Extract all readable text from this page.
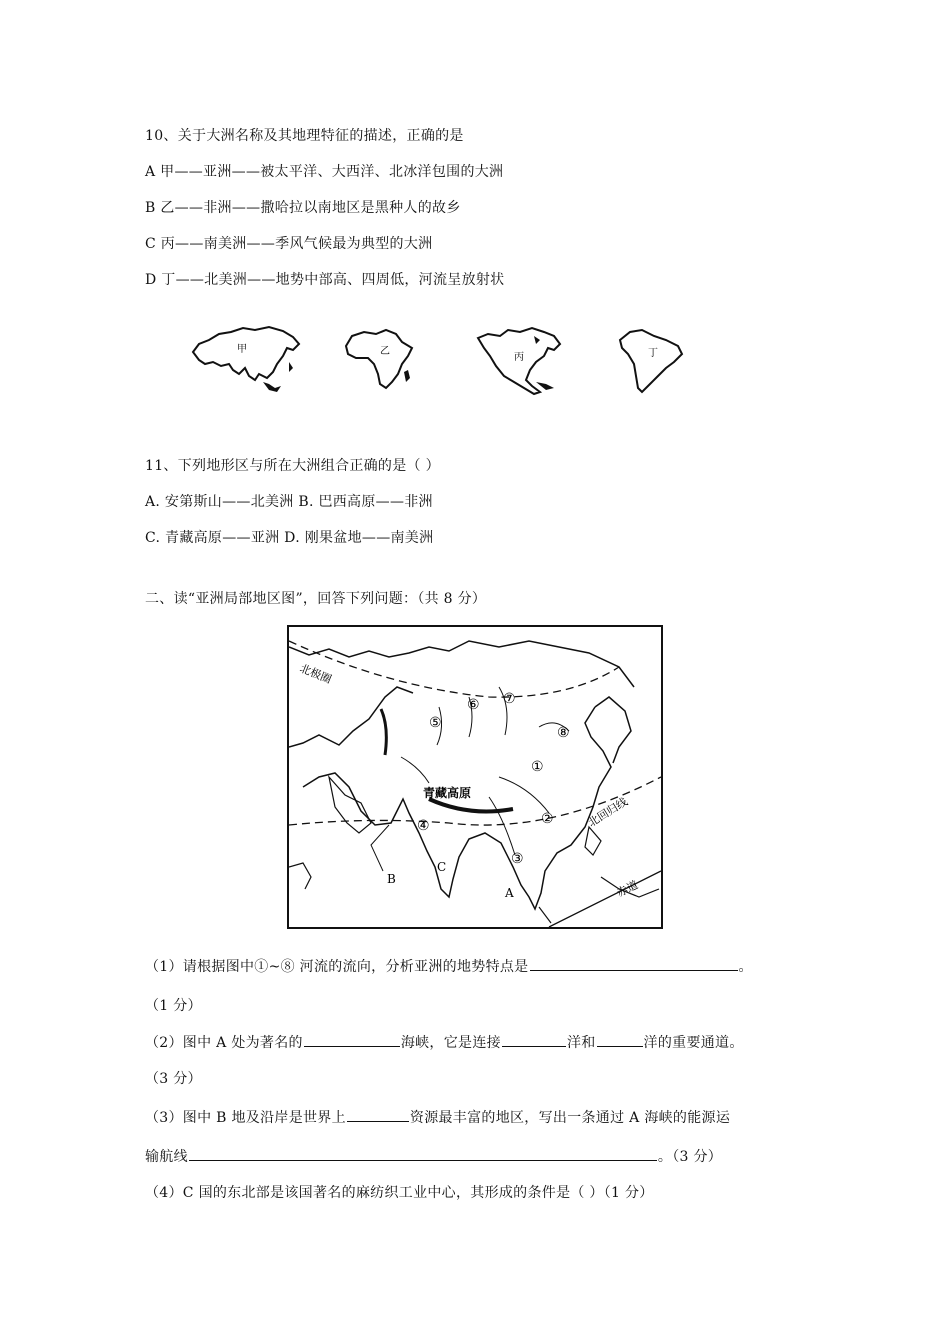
10、关于大洲名称及其地理特征的描述，正确的是
A 甲——亚洲——被太平洋、大西洋、北冰洋包围的大洲
B 乙——非洲——撒哈拉以南地区是黑种人的故乡
C 丙——南美洲——季风气候最为典型的大洲
D 丁——北美洲——地势中部高、四周低，河流呈放射状
甲	乙
丙	丁
11、下列地形区与所在大洲组合正确的是（ ）
A. 安第斯山——北美洲 B. 巴西高原——非洲
C. 青藏高原——亚洲 D. 刚果盆地——南美洲
二、读“亚洲局部地区图”，回答下列问题：（共 8 分）
北极圈
北回归线
赤道
青藏高原
①
②
③
④
⑤
⑥ ⑦
⑧
A
B
C
（1）请根据图中①~⑧ 河流的流向，分析亚洲的地势特点是	。
（1 分）
（2）图中 A 处为著名的	海峡，它是连接	洋和	洋的重要通道。
（3 分）
（3）图中 B 地及沿岸是世界上	资源最丰富的地区，写出一条通过 A 海峡的能源运
输航线	。（3 分）
（4）C 国的东北部是该国著名的麻纺织工业中心，其形成的条件是（ ）（1 分）
